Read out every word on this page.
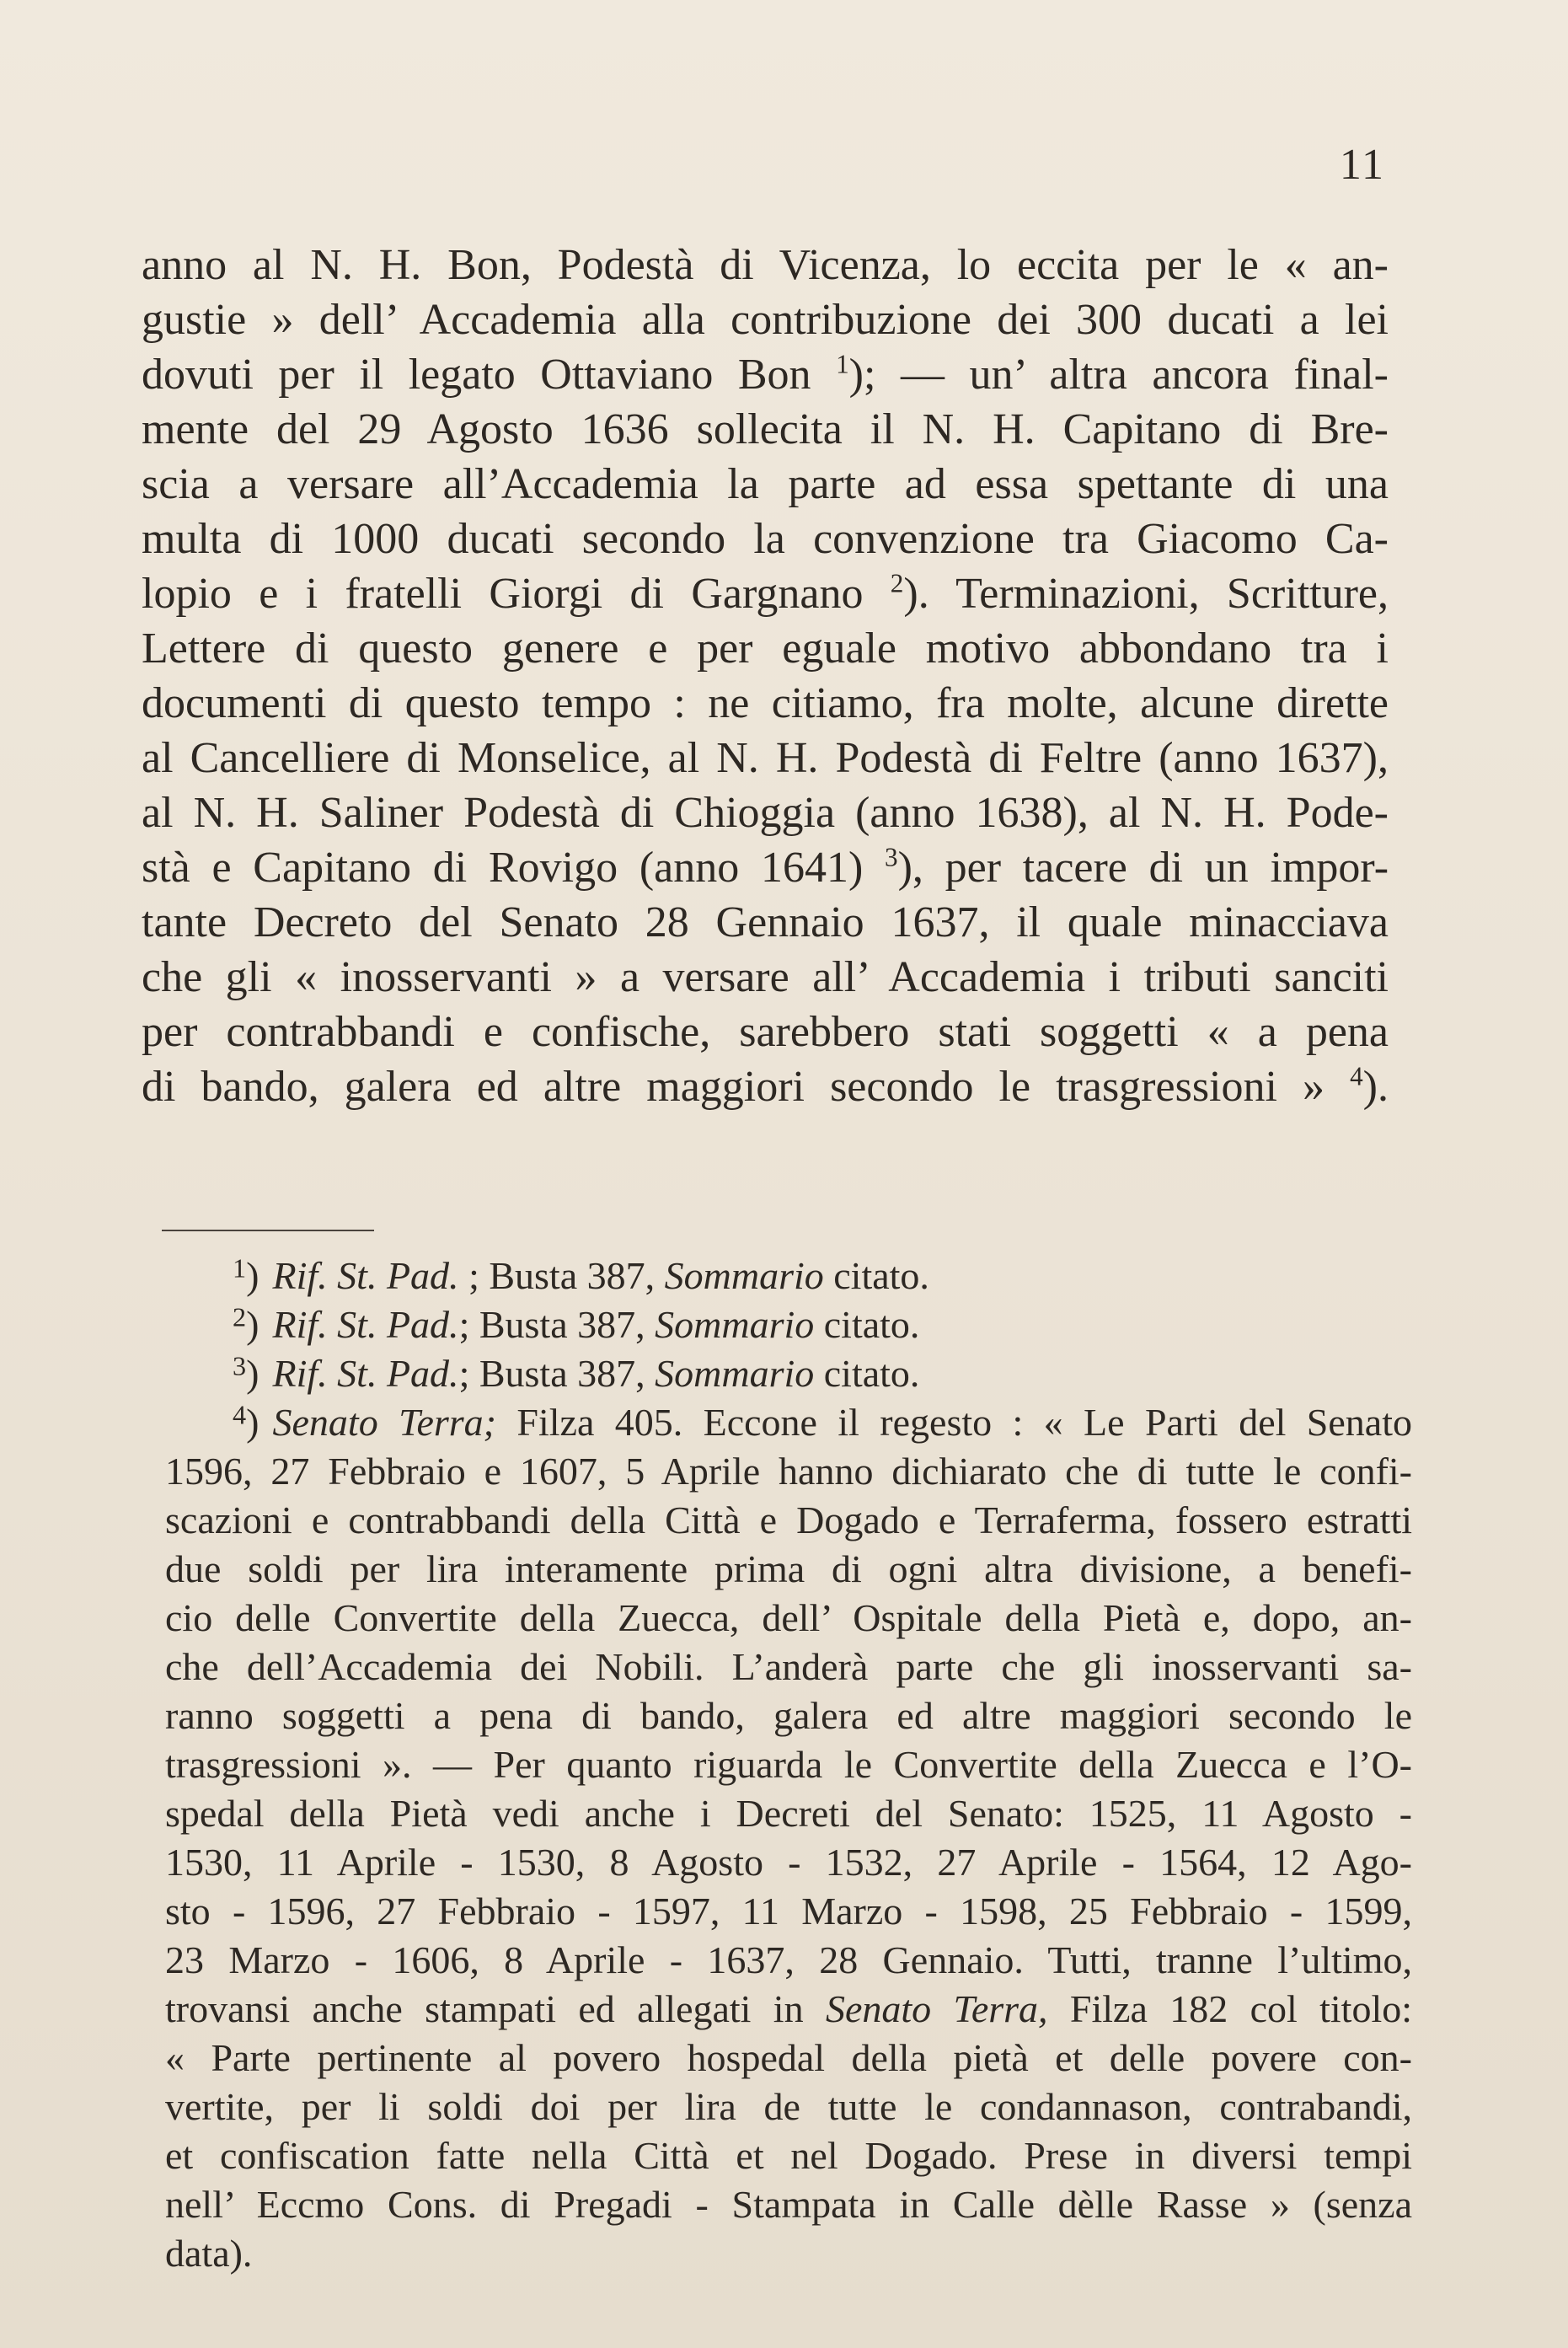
11
anno al N. H. Bon, Podestà di Vicenza, lo eccita per le « an-
gustie » dell’ Accademia alla contribuzione dei 300 ducati a lei
dovuti per il legato Ottaviano Bon $^1$); — un’ altra ancora final-
mente del 29 Agosto 1636 sollecita il N. H. Capitano di Bre-
scia a versare all’Accademia la parte ad essa spettante di una
multa di 1000 ducati secondo la convenzione tra Giacomo Ca-
lopio e i fratelli Giorgi di Gargnano $^2$). Terminazioni, Scritture,
Lettere di questo genere e per eguale motivo abbondano tra i
documenti di questo tempo : ne citiamo, fra molte, alcune dirette
al Cancelliere di Monselice, al N. H. Podestà di Feltre (anno 1637),
al N. H. Saliner Podestà di Chioggia (anno 1638), al N. H. Pode-
stà e Capitano di Rovigo (anno 1641) $^3$), per tacere di un impor-
tante Decreto del Senato 28 Gennaio 1637, il quale minacciava
che gli « inosservanti » a versare all’ Accademia i tributi sanciti
per contrabbandi e confische, sarebbero stati soggetti « a pena
di bando, galera ed altre maggiori secondo le trasgressioni » $^4$).
$^1$) Rif. St. Pad. ; Busta 387, Sommario citato.
$^2$) Rif. St. Pad.; Busta 387, Sommario citato.
$^3$) Rif. St. Pad.; Busta 387, Sommario citato.
$^4$) Senato Terra; Filza 405. Eccone il regesto : « Le Parti del Senato
1596, 27 Febbraio e 1607, 5 Aprile hanno dichiarato che di tutte le confi-
scazioni e contrabbandi della Città e Dogado e Terraferma, fossero estratti
due soldi per lira interamente prima di ogni altra divisione, a benefi-
cio delle Convertite della Zuecca, dell’ Ospitale della Pietà e, dopo, an-
che dell’Accademia dei Nobili. L’anderà parte che gli inosservanti sa-
ranno soggetti a pena di bando, galera ed altre maggiori secondo le
trasgressioni ». — Per quanto riguarda le Convertite della Zuecca e l’O-
spedal della Pietà vedi anche i Decreti del Senato: 1525, 11 Agosto -
1530, 11 Aprile - 1530, 8 Agosto - 1532, 27 Aprile - 1564, 12 Ago-
sto - 1596, 27 Febbraio - 1597, 11 Marzo - 1598, 25 Febbraio - 1599,
23 Marzo - 1606, 8 Aprile - 1637, 28 Gennaio. Tutti, tranne l’ultimo,
trovansi anche stampati ed allegati in Senato Terra, Filza 182 col titolo:
« Parte pertinente al povero hospedal della pietà et delle povere con-
vertite, per li soldi doi per lira de tutte le condannason, contrabandi,
et confiscation fatte nella Città et nel Dogado. Prese in diversi tempi
nell’ Eccmo Cons. di Pregadi - Stampata in Calle dèlle Rasse » (senza
data).
